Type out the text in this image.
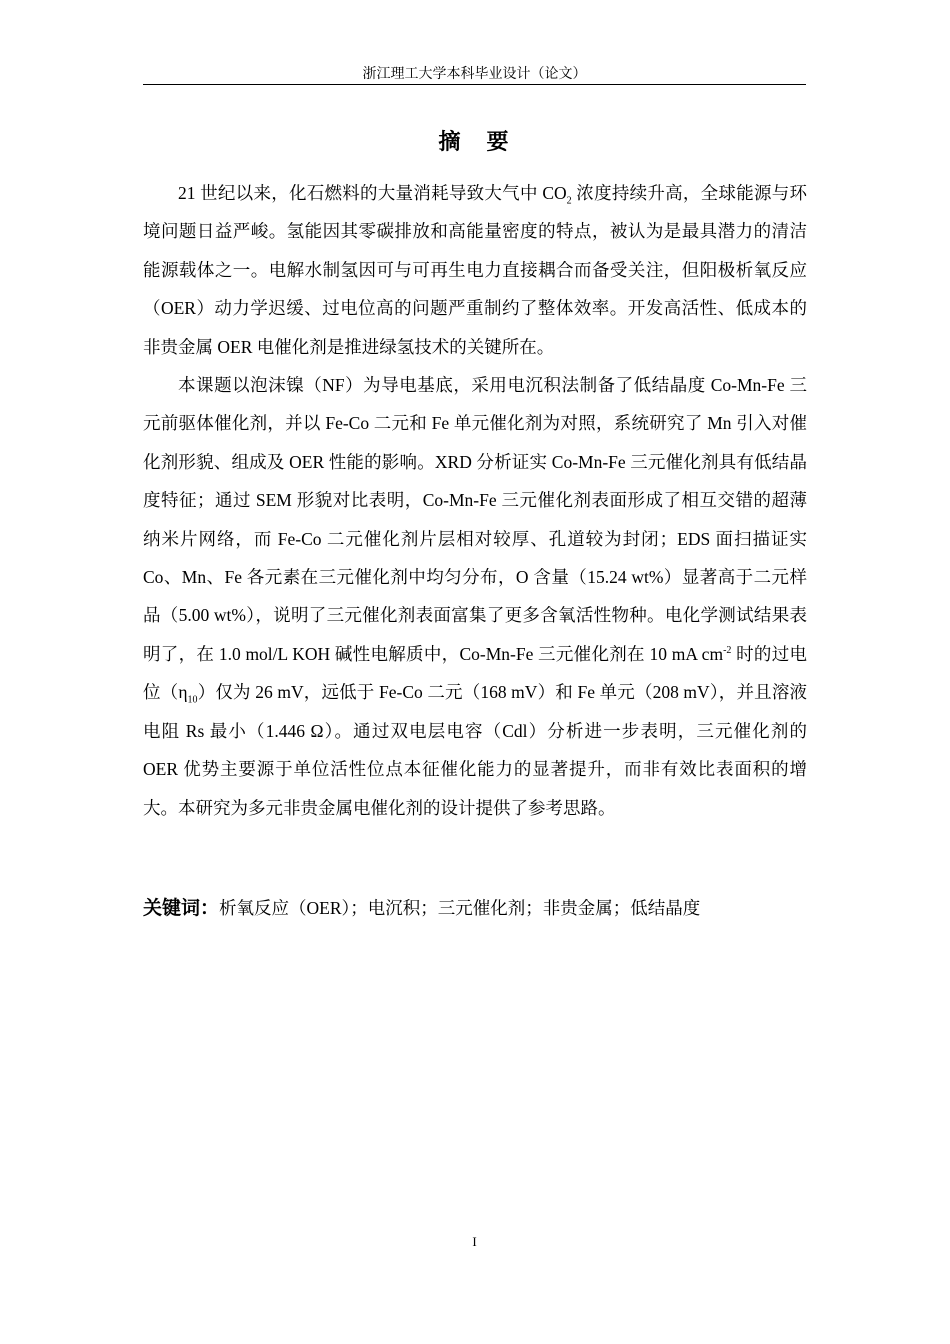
浙江理工大学本科毕业设计（论文）
摘　要

21 世纪以来，化石燃料的大量消耗导致大气中 $CO_2$ 浓度持续升高，全球能源与环境问题日益严峻。氢能因其零碳排放和高能量密度的特点，被认为是最具潜力的清洁能源载体之一。电解水制氢因可与可再生电力直接耦合而备受关注，但阳极析氧反应（OER）动力学迟缓、过电位高的问题严重制约了整体效率。开发高活性、低成本的非贵金属 OER 电催化剂是推进绿氢技术的关键所在。

本课题以泡沫镍（NF）为导电基底，采用电沉积法制备了低结晶度 Co-Mn-Fe 三元前驱体催化剂，并以 Fe-Co 二元和 Fe 单元催化剂为对照，系统研究了 Mn 引入对催化剂形貌、组成及 OER 性能的影响。XRD 分析证实 Co-Mn-Fe 三元催化剂具有低结晶度特征；通过 SEM 形貌对比表明，Co-Mn-Fe 三元催化剂表面形成了相互交错的超薄纳米片网络，而 Fe-Co 二元催化剂片层相对较厚、孔道较为封闭；EDS 面扫描证实 Co、Mn、Fe 各元素在三元催化剂中均匀分布，O 含量（15.24 wt%）显著高于二元样品（5.00 wt%），说明了三元催化剂表面富集了更多含氧活性物种。电化学测试结果表明了，在 1.0 mol/L KOH 碱性电解质中，Co-Mn-Fe 三元催化剂在 10 mA $cm^{-2}$ 时的过电位$(\eta_{10})$仅为 26 mV，远低于 Fe-Co 二元（168 mV）和 Fe 单元（208 mV），并且溶液电阻 Rs 最小（1.446 Ω）。通过双电层电容（Cdl）分析进一步表明，三元催化剂的 OER 优势主要源于单位活性位点本征催化能力的显著提升，而非有效比表面积的增大。本研究为多元非贵金属电催化剂的设计提供了参考思路。

关键词：析氧反应（OER）；电沉积；三元催化剂；非贵金属；低结晶度
I
